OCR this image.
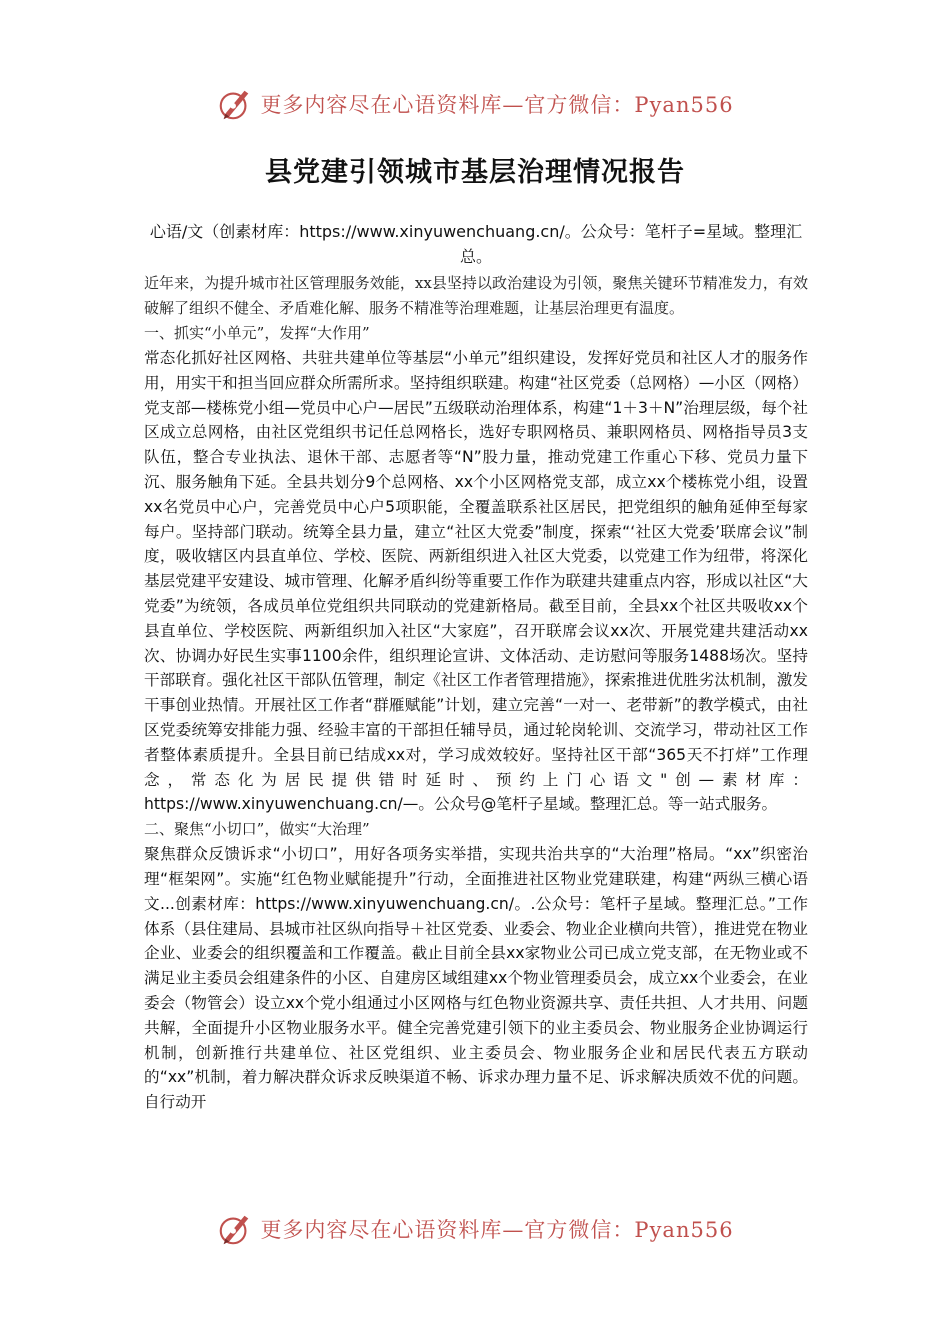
更多内容尽在心语资料库—官方微信：Pyan556
县党建引领城市基层治理情况报告

心语/文（创素材库：https://www.xinyuwenchuang.cn/。公众号：笔杆子=星域。整理汇总。

近年来，为提升城市社区管理服务效能，xx县坚持以政治建设为引领，聚焦关键环节精准发力，有效破解了组织不健全、矛盾难化解、服务不精准等治理难题，让基层治理更有温度。

一、抓实“小单元”，发挥“大作用”

常态化抓好社区网格、共驻共建单位等基层“小单元”组织建设，发挥好党员和社区人才的服务作用，用实干和担当回应群众所需所求。坚持组织联建。构建“社区党委（总网格）—小区（网格）党支部—楼栋党小组—党员中心户—居民”五级联动治理体系，构建“1＋3＋N”治理层级，每个社区成立总网格，由社区党组织书记任总网格长，选好专职网格员、兼职网格员、网格指导员3支队伍，整合专业执法、退休干部、志愿者等“N”股力量，推动党建工作重心下移、党员力量下沉、服务触角下延。全县共划分9个总网格、xx个小区网格党支部，成立xx个楼栋党小组，设置xx名党员中心户，完善党员中心户5项职能，全覆盖联系社区居民，把党组织的触角延伸至每家每户。坚持部门联动。统筹全县力量，建立“社区大党委”制度，探索“‘社区大党委’联席会议”制度，吸收辖区内县直单位、学校、医院、两新组织进入社区大党委，以党建工作为纽带，将深化基层党建平安建设、城市管理、化解矛盾纠纷等重要工作作为联建共建重点内容，形成以社区“大党委”为统领，各成员单位党组织共同联动的党建新格局。截至目前，全县xx个社区共吸收xx个县直单位、学校医院、两新组织加入社区“大家庭”，召开联席会议xx次、开展党建共建活动xx次、协调办好民生实事1100余件，组织理论宣讲、文体活动、走访慰问等服务1488场次。坚持干部联育。强化社区干部队伍管理，制定《社区工作者管理措施》，探索推进优胜劣汰机制，激发干事创业热情。开展社区工作者“群雁赋能”计划，建立完善“一对一、老带新”的教学模式，由社区党委统筹安排能力强、经验丰富的干部担任辅导员，通过轮岗轮训、交流学习，带动社区工作者整体素质提升。全县目前已结成xx对，学习成效较好。坚持社区干部“365天不打烊”工作理念，常态化为居民提供错时延时、预约上门心语文"创—素材库：https://www.xinyuwenchuang.cn/—。公众号@笔杆子星域。整理汇总。等一站式服务。

二、聚焦“小切口”，做实“大治理”

聚焦群众反馈诉求“小切口”，用好各项务实举措，实现共治共享的“大治理”格局。“xx”织密治理“框架网”。实施“红色物业赋能提升”行动，全面推进社区物业党建联建，构建“两纵三横心语文...创素材库：https://www.xinyuwenchuang.cn/。.公众号：笔杆子星域。整理汇总。”工作体系（县住建局、县城市社区纵向指导＋社区党委、业委会、物业企业横向共管），推进党在物业企业、业委会的组织覆盖和工作覆盖。截止目前全县xx家物业公司已成立党支部，在无物业或不满足业主委员会组建条件的小区、自建房区域组建xx个物业管理委员会，成立xx个业委会，在业委会（物管会）设立xx个党小组通过小区网格与红色物业资源共享、责任共担、人才共用、问题共解，全面提升小区物业服务水平。健全完善党建引领下的业主委员会、物业服务企业协调运行机制，创新推行共建单位、社区党组织、业主委员会、物业服务企业和居民代表五方联动的“xx”机制，着力解决群众诉求反映渠道不畅、诉求办理力量不足、诉求解决质效不优的问题。自行动开

更多内容尽在心语资料库—官方微信：Pyan556
